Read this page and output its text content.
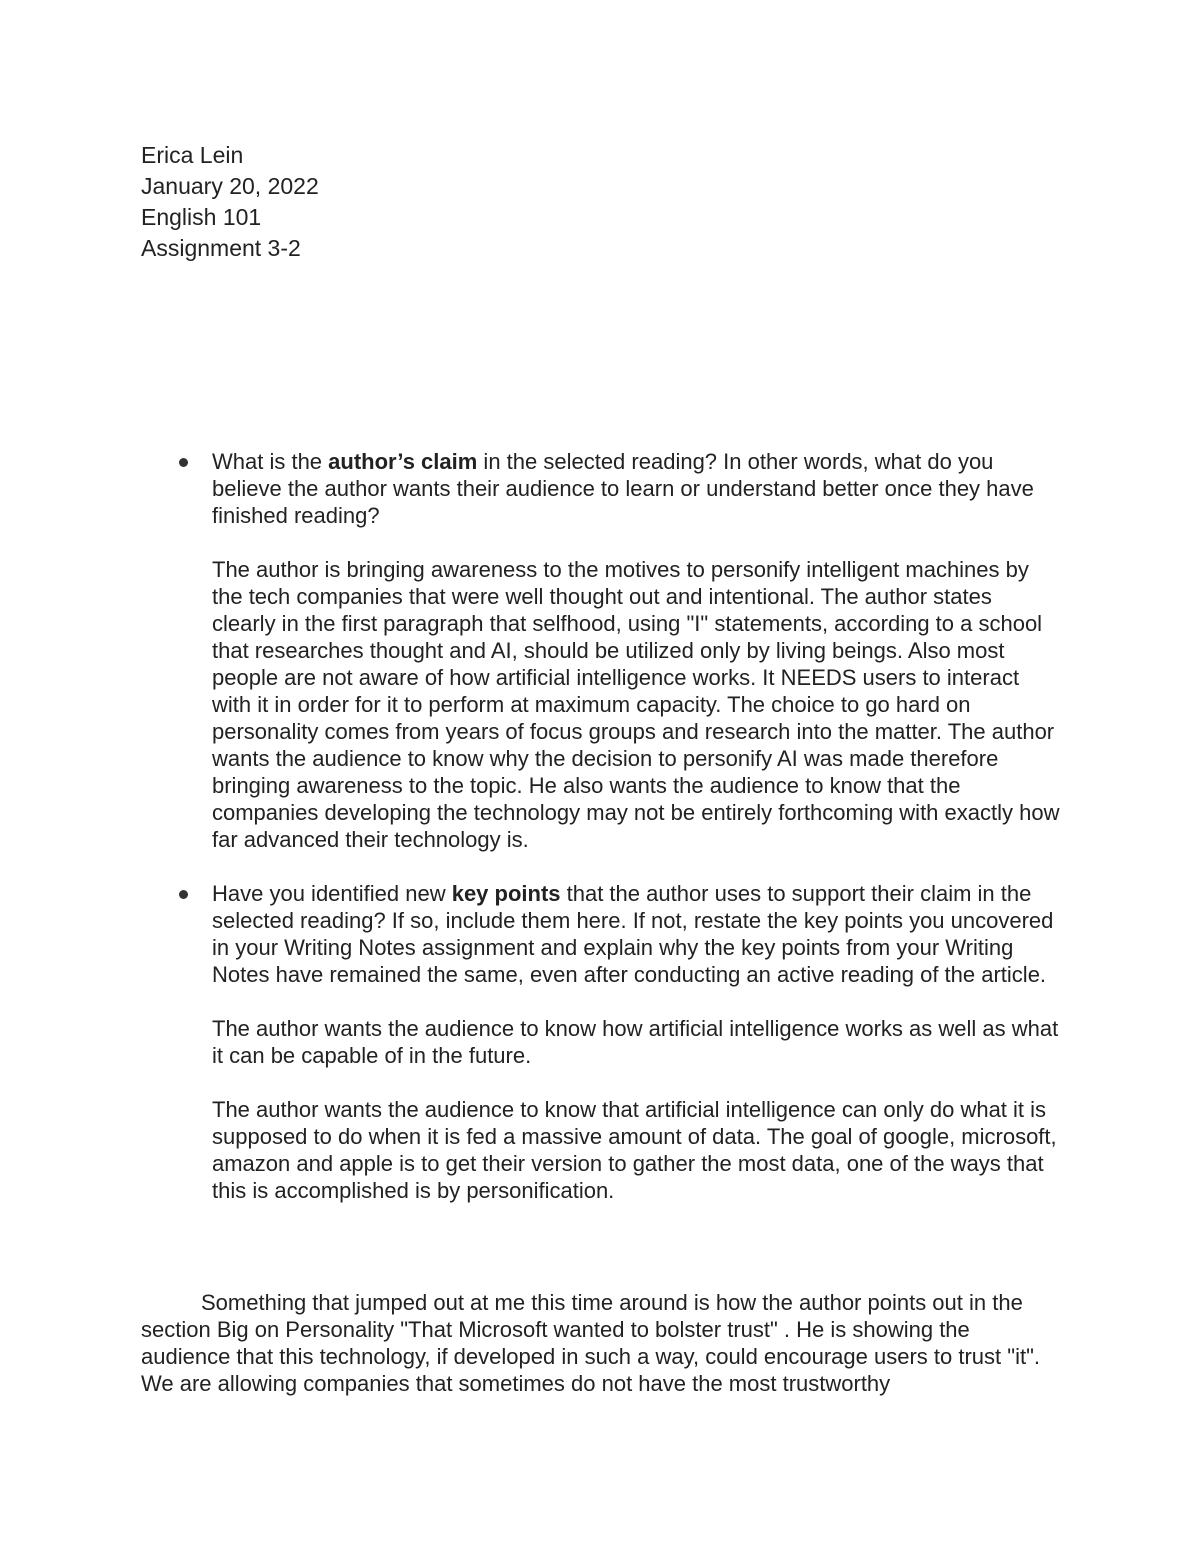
Erica Lein
January 20, 2022
English 101
Assignment 3-2

What is the author’s claim in the selected reading? In other words, what do you believe the author wants their audience to learn or understand better once they have finished reading?

The author is bringing awareness to the motives to personify intelligent machines by the tech companies that were well thought out and intentional. The author states clearly in the first paragraph that selfhood, using "I" statements, according to a school that researches thought and AI, should be utilized only by living beings. Also most people are not aware of how artificial intelligence works. It NEEDS users to interact with it in order for it to perform at maximum capacity. The choice to go hard on personality comes from years of focus groups and research into the matter. The author wants the audience to know why the decision to personify AI was made therefore bringing awareness to the topic. He also wants the audience to know that the companies developing the technology may not be entirely forthcoming with exactly how far advanced their technology is.

Have you identified new key points that the author uses to support their claim in the selected reading? If so, include them here. If not, restate the key points you uncovered in your Writing Notes assignment and explain why the key points from your Writing Notes have remained the same, even after conducting an active reading of the article.

The author wants the audience to know how artificial intelligence works as well as what it can be capable of in the future.

The author wants the audience to know that artificial intelligence can only do what it is supposed to do when it is fed a massive amount of data. The goal of google, microsoft, amazon and apple is to get their version to gather the most data, one of the ways that this is accomplished is by personification.

Something that jumped out at me this time around is how the author points out in the section Big on Personality "That Microsoft wanted to bolster trust" . He is showing the audience that this technology, if developed in such a way, could encourage users to trust "it". We are allowing companies that sometimes do not have the most trustworthy
